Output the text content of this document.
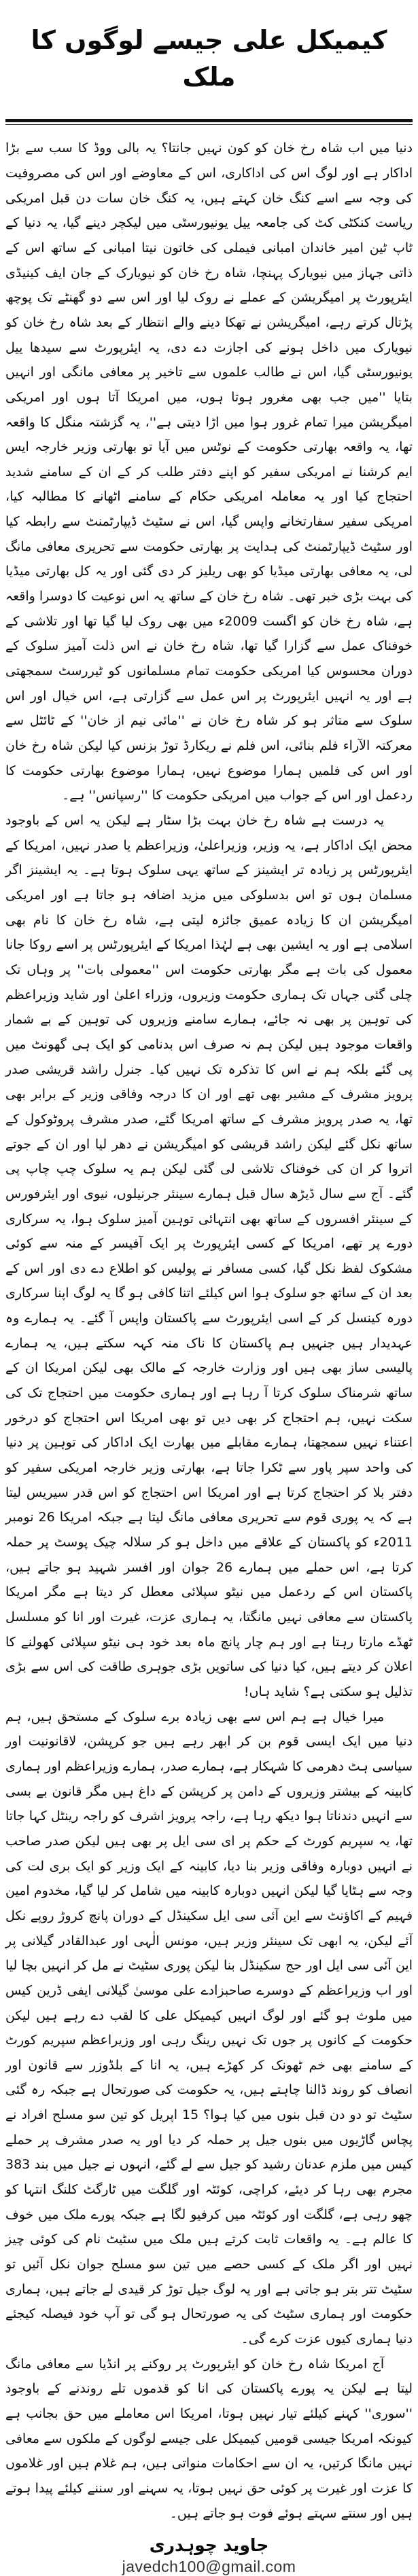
کیمیکل علی جیسے لوگوں کا ملک

دنیا میں اب شاہ رخ خان کو کون نہیں جانتا؟ یہ بالی ووڈ کا سب سے بڑا اداکار ہے اور لوگ اس کی اداکاری، اس کے معاوضے اور اس کی مصروفیت کی وجہ سے اسے کنگ خان کہتے ہیں، یہ کنگ خان سات دن قبل امریکی ریاست کنکٹی کٹ کی جامعہ ییل یونیورسٹی میں لیکچر دینے گیا، یہ دنیا کے ٹاپ ٹین امیر خاندان امبانی فیملی کی خاتون نیتا امبانی کے ساتھ اس کے ذاتی جہاز میں نیویارک پہنچا، شاہ رخ خان کو نیویارک کے جان ایف کینیڈی ایئرپورٹ پر امیگریشن کے عملے نے روک لیا اور اس سے دو گھنٹے تک پوچھ پڑتال کرتے رہے، امیگریشن نے تھکا دینے والے انتظار کے بعد شاہ رخ خان کو نیویارک میں داخل ہونے کی اجازت دے دی، یہ ایئرپورٹ سے سیدھا ییل یونیورسٹی گیا، اس نے طالب علموں سے تاخیر پر معافی مانگی اور انہیں بتایا ''میں جب بھی مغرور ہوتا ہوں، میں امریکا آتا ہوں اور امریکی امیگریشن میرا تمام غرور ہوا میں اڑا دیتی ہے''، یہ گزشتہ منگل کا واقعہ تھا، یہ واقعہ بھارتی حکومت کے نوٹس میں آیا تو بھارتی وزیر خارجہ ایس ایم کرشنا نے امریکی سفیر کو اپنے دفتر طلب کر کے ان کے سامنے شدید احتجاج کیا اور یہ معاملہ امریکی حکام کے سامنے اٹھانے کا مطالبہ کیا، امریکی سفیر سفارتخانے واپس گیا، اس نے سٹیٹ ڈیپارٹمنٹ سے رابطہ کیا اور سٹیٹ ڈیپارٹمنٹ کی ہدایت پر بھارتی حکومت سے تحریری معافی مانگ لی، یہ معافی بھارتی میڈیا کو بھی ریلیز کر دی گئی اور یہ کل بھارتی میڈیا کی بہت بڑی خبر تھی۔ شاہ رخ خان کے ساتھ یہ اس نوعیت کا دوسرا واقعہ ہے، شاہ رخ خان کو اگست 2009ء میں بھی روک لیا گیا تھا اور تلاشی کے خوفناک عمل سے گزارا گیا تھا، شاہ رخ خان نے اس ذلت آمیز سلوک کے دوران محسوس کیا امریکی حکومت تمام مسلمانوں کو ٹیررسٹ سمجھتی ہے اور یہ انہیں ایئرپورٹ پر اس عمل سے گزارتی ہے، اس خیال اور اس سلوک سے متاثر ہو کر شاہ رخ خان نے ''مائی نیم از خان'' کے ٹائٹل سے معرکتہ الآراء فلم بنائی، اس فلم نے ریکارڈ توڑ بزنس کیا لیکن شاہ رخ خان اور اس کی فلمیں ہمارا موضوع نہیں، ہمارا موضوع بھارتی حکومت کا ردعمل اور اس کے جواب میں امریکی حکومت کا ''رسپانس'' ہے۔

یہ درست ہے شاہ رخ خان بہت بڑا سٹار ہے لیکن یہ اس کے باوجود محض ایک اداکار ہے، یہ وزیر، وزیراعلیٰ، وزیراعظم یا صدر نہیں، امریکا کے ایئرپورٹس پر زیادہ تر ایشینز کے ساتھ یہی سلوک ہوتا ہے۔ یہ ایشینز اگر مسلمان ہوں تو اس بدسلوکی میں مزید اضافہ ہو جاتا ہے اور امریکی امیگریشن ان کا زیادہ عمیق جائزہ لیتی ہے، شاہ رخ خان کا نام بھی اسلامی ہے اور یہ ایشین بھی ہے لہٰذا امریکا کے ایئرپورٹس پر اسے روکا جانا معمول کی بات ہے مگر بھارتی حکومت اس ''معمولی بات'' پر وہاں تک چلی گئی جہاں تک ہماری حکومت وزیروں، وزراء اعلیٰ اور شاید وزیراعظم کی توہین پر بھی نہ جائے، ہمارے سامنے وزیروں کی توہین کے بے شمار واقعات موجود ہیں لیکن ہم نہ صرف اس بدنامی کو ایک ہی گھونٹ میں پی گئے بلکہ ہم نے اس کا تذکرہ تک نہیں کیا۔ جنرل راشد قریشی صدر پرویز مشرف کے مشیر بھی تھے اور ان کا درجہ وفاقی وزیر کے برابر بھی تھا، یہ صدر پرویز مشرف کے ساتھ امریکا گئے، صدر مشرف پروٹوکول کے ساتھ نکل گئے لیکن راشد قریشی کو امیگریشن نے دھر لیا اور ان کے جوتے اتروا کر ان کی خوفناک تلاشی لی گئی لیکن ہم یہ سلوک چپ چاپ پی گئے۔ آج سے سال ڈیڑھ سال قبل ہمارے سینئر جرنیلوں، نیوی اور ایئرفورس کے سینئر افسروں کے ساتھ بھی انتہائی توہین آمیز سلوک ہوا، یہ سرکاری دورے پر تھے، امریکا کے کسی ایئرپورٹ پر ایک آفیسر کے منہ سے کوئی مشکوک لفظ نکل گیا، کسی مسافر نے پولیس کو اطلاع دے دی اور اس کے بعد ان کے ساتھ جو سلوک ہوا اس کیلئے اتنا کافی ہو گا یہ لوگ اپنا سرکاری دورہ کینسل کر کے اسی ایئرپورٹ سے پاکستان واپس آ گئے۔ یہ ہمارے وہ عہدیدار ہیں جنہیں ہم پاکستان کا ناک منہ کہہ سکتے ہیں، یہ ہمارے پالیسی ساز بھی ہیں اور وزارت خارجہ کے مالک بھی لیکن امریکا ان کے ساتھ شرمناک سلوک کرتا آ رہا ہے اور ہماری حکومت میں احتجاج تک کی سکت نہیں، ہم احتجاج کر بھی دیں تو بھی امریکا اس احتجاج کو درخور اعتناء نہیں سمجھتا، ہمارے مقابلے میں بھارت ایک اداکار کی توہین پر دنیا کی واحد سپر پاور سے ٹکرا جاتا ہے، بھارتی وزیر خارجہ امریکی سفیر کو دفتر بلا کر احتجاج کرتا ہے اور امریکا اس احتجاج کو اس قدر سیریس لیتا ہے کہ یہ پوری قوم سے تحریری معافی مانگ لیتا ہے جبکہ امریکا 26 نومبر 2011ء کو پاکستان کے علاقے میں داخل ہو کر سلالہ چیک پوسٹ پر حملہ کرتا ہے، اس حملے میں ہمارے 26 جوان اور افسر شہید ہو جاتے ہیں، پاکستان اس کے ردعمل میں نیٹو سپلائی معطل کر دیتا ہے مگر امریکا پاکستان سے معافی نہیں مانگتا، یہ ہماری عزت، غیرت اور انا کو مسلسل ٹھڈے مارتا رہتا ہے اور ہم چار پانچ ماہ بعد خود ہی نیٹو سپلائی کھولنے کا اعلان کر دیتے ہیں، کیا دنیا کی ساتویں بڑی جوہری طاقت کی اس سے بڑی تذلیل ہو سکتی ہے؟ شاید ہاں!

میرا خیال ہے ہم اس سے بھی زیادہ برے سلوک کے مستحق ہیں، ہم دنیا میں ایک ایسی قوم بن کر ابھر رہے ہیں جو کرپشن، لاقانونیت اور سیاسی ہٹ دھرمی کا شہکار ہے، ہمارے صدر، ہمارے وزیراعظم اور ہماری کابینہ کے بیشتر وزیروں کے دامن پر کرپشن کے داغ ہیں مگر قانون بے بسی سے انہیں دندناتا ہوا دیکھ رہا ہے، راجہ پرویز اشرف کو راجہ رینٹل کہا جاتا تھا، یہ سپریم کورٹ کے حکم پر ای سی ایل پر بھی ہیں لیکن صدر صاحب نے انہیں دوبارہ وفاقی وزیر بنا دیا، کابینہ کے ایک وزیر کو ایک بری لت کی وجہ سے ہٹایا گیا لیکن انہیں دوبارہ کابینہ میں شامل کر لیا گیا، مخدوم امین فہیم کے اکاؤنٹ سے این آئی سی ایل سکینڈل کے دوران پانچ کروڑ روپے نکل آئے لیکن، یہ ابھی تک سینئر وزیر ہیں، مونس الٰہی اور عبدالقادر گیلانی پر این آئی سی ایل اور حج سکینڈل بنا لیکن پوری سٹیٹ نے مل کر انہیں بچا لیا اور اب وزیراعظم کے دوسرے صاحبزادے علی موسیٰ گیلانی ایفی ڈرین کیس میں ملوث ہو گئے اور لوگ انہیں کیمیکل علی کا لقب دے رہے ہیں لیکن حکومت کے کانوں پر جوں تک نہیں رینگ رہی اور وزیراعظم سپریم کورٹ کے سامنے بھی خم ٹھونک کر کھڑے ہیں، یہ انا کے بلڈوزر سے قانون اور انصاف کو روند ڈالنا چاہتے ہیں، یہ حکومت کی صورتحال ہے جبکہ رہ گئی سٹیٹ تو دو دن قبل بنوں میں کیا ہوا؟ 15 اپریل کو تین سو مسلح افراد نے پچاس گاڑیوں میں بنوں جیل پر حملہ کر دیا اور یہ صدر مشرف پر حملے کیس میں ملزم عدنان رشید کو جیل سے لے گئے، انہوں نے جیل میں بند 383 مجرم بھی رہا کر دیئے، کراچی، کوئٹہ اور گلگت میں ٹارگٹ کلنگ انتہا کو چھو رہی ہے، گلگت اور کوئٹہ میں کرفیو لگا ہے جبکہ پورے ملک میں خوف کا عالم ہے۔ یہ واقعات ثابت کرتے ہیں ملک میں سٹیٹ نام کی کوئی چیز نہیں اور اگر ملک کے کسی حصے میں تین سو مسلح جوان نکل آئیں تو سٹیٹ تتر بتر ہو جاتی ہے اور یہ لوگ جیل توڑ کر قیدی لے جاتے ہیں، ہماری حکومت اور ہماری سٹیٹ کی یہ صورتحال ہو گی تو آپ خود فیصلہ کیجئے دنیا ہماری کیوں عزت کرے گی۔

آج امریکا شاہ رخ خان کو ایئرپورٹ پر روکنے پر انڈیا سے معافی مانگ لیتا ہے لیکن یہ پورے پاکستان کی انا کو قدموں تلے روندنے کے باوجود ''سوری'' کہنے کیلئے تیار نہیں ہوتا، امریکا اس معاملے میں حق بجانب ہے کیونکہ امریکا جیسی قومیں کیمیکل علی جیسے لوگوں کے ملکوں سے معافی نہیں مانگا کرتیں، یہ ان سے احکامات منواتی ہیں، ہم غلام ہیں اور غلاموں کا عزت اور غیرت پر کوئی حق نہیں ہوتا، یہ سہنے اور سننے کیلئے پیدا ہوتے ہیں اور سنتے سہتے ہوئے فوت ہو جاتے ہیں۔

جاوید چوہدری
javedch100@gmail.com
